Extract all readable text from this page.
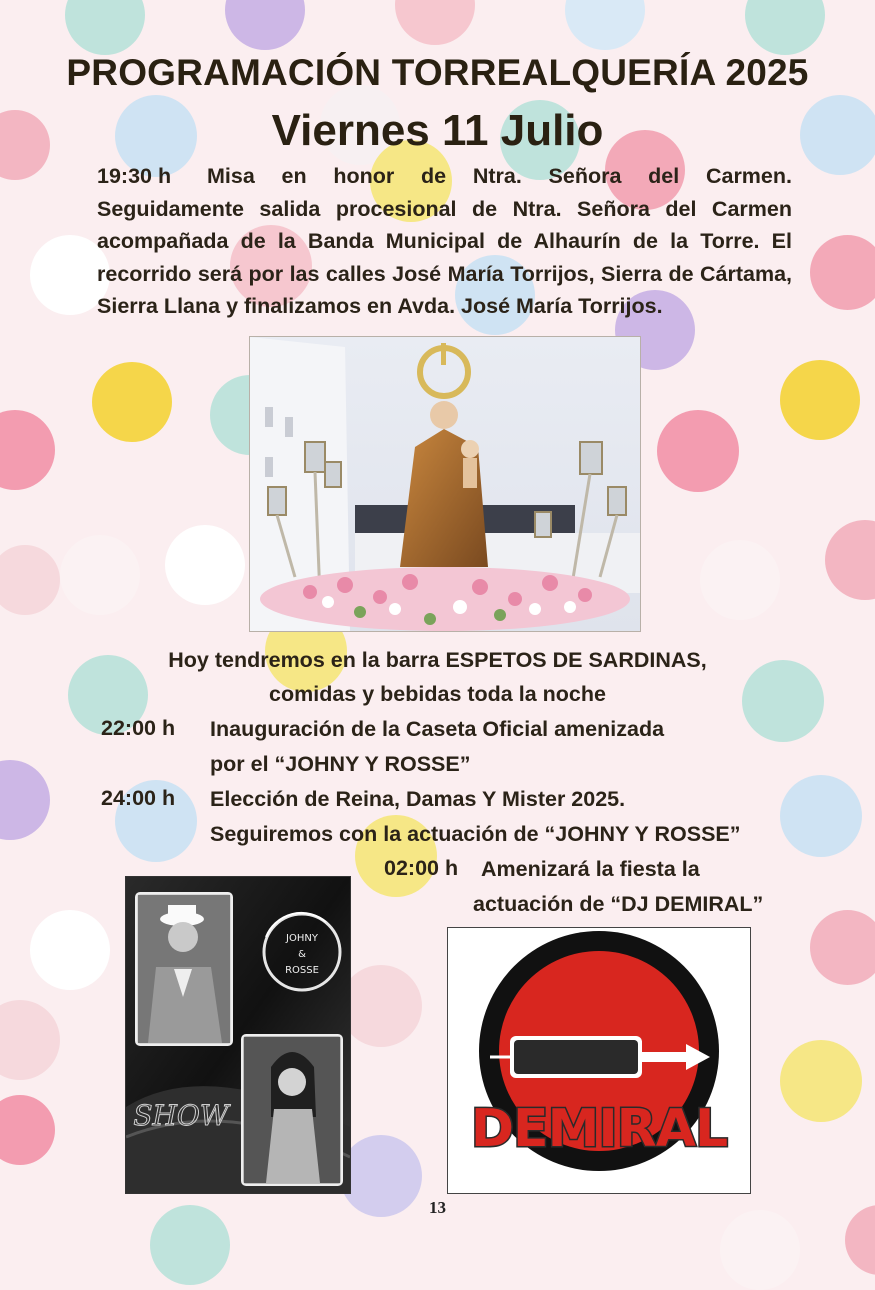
PROGRAMACIÓN TORREALQUERÍA 2025
Viernes 11 Julio
19:30 h Misa en honor de Ntra. Señora del Carmen. Seguidamente salida procesional de Ntra. Señora del Carmen acompañada de la Banda Municipal de Alhaurín de la Torre. El recorrido será por las calles José María Torrijos, Sierra de Cártama, Sierra Llana y finalizamos en Avda. José María Torrijos.
Hoy tendremos en la barra ESPETOS DE SARDINAS,
comidas y bebidas toda la noche
22:00 h Inauguración de la Caseta Oficial amenizada
por el “JOHNY Y ROSSE”
24:00 h Elección de Reina, Damas Y Mister 2025.
Seguiremos con la actuación de “JOHNY Y ROSSE”
02:00 h Amenizará la fiesta la
actuación de “DJ DEMIRAL”
JOHNY
&
ROSSE
SHOW	DEMIRAL
13
